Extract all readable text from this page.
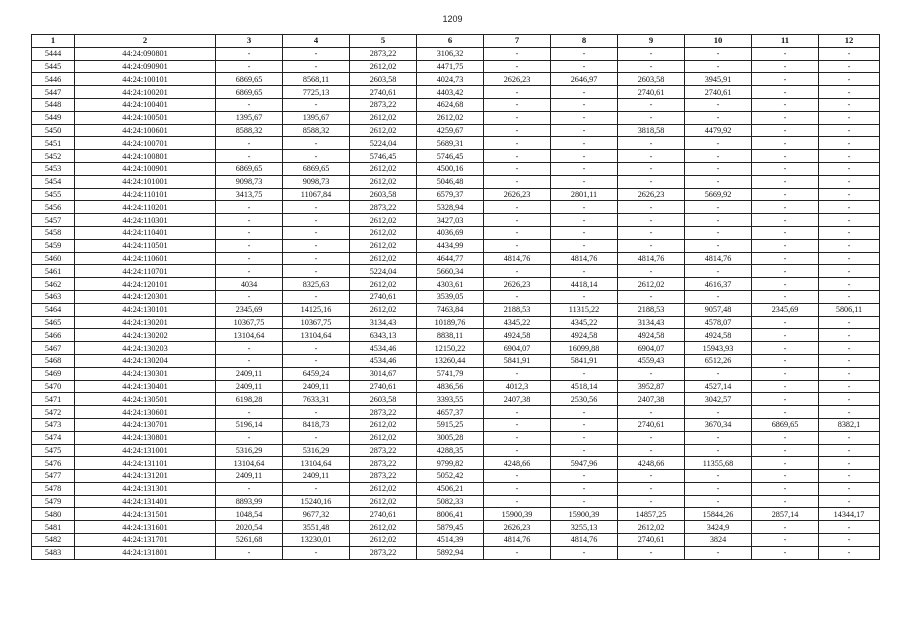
1209
1	2	3	4	5	6	7	8	9	10	11	12
5444	44:24:090801	-	-	2873,22	3106,32	-	-	-	-	-	-
5445	44:24:090901	-	-	2612,02	4471,75	-	-	-	-	-	-
5446	44:24:100101	6869,65	8568,11	2603,58	4024,73	2626,23	2646,97	2603,58	3945,91	-	-
5447	44:24:100201	6869,65	7725,13	2740,61	4403,42	-	-	2740,61	2740,61	-	-
5448	44:24:100401	-	-	2873,22	4624,68	-	-	-	-	-	-
5449	44:24:100501	1395,67	1395,67	2612,02	2612,02	-	-	-	-	-	-
5450	44:24:100601	8588,32	8588,32	2612,02	4259,67	-	-	3818,58	4479,92	-	-
5451	44:24:100701	-	-	5224,04	5689,31	-	-	-	-	-	-
5452	44:24:100801	-	-	5746,45	5746,45	-	-	-	-	-	-
5453	44:24:100901	6869,65	6869,65	2612,02	4500,16	-	-	-	-	-	-
5454	44:24:101001	9098,73	9098,73	2612,02	5046,48	-	-	-	-	-	-
5455	44:24:110101	3413,75	11067,84	2603,58	6579,37	2626,23	2801,11	2626,23	5669,92	-	-
5456	44:24:110201	-	-	2873,22	5328,94	-	-	-	-	-	-
5457	44:24:110301	-	-	2612,02	3427,03	-	-	-	-	-	-
5458	44:24:110401	-	-	2612,02	4036,69	-	-	-	-	-	-
5459	44:24:110501	-	-	2612,02	4434,99	-	-	-	-	-	-
5460	44:24:110601	-	-	2612,02	4644,77	4814,76	4814,76	4814,76	4814,76	-	-
5461	44:24:110701	-	-	5224,04	5660,34	-	-	-	-	-	-
5462	44:24:120101	4034	8325,63	2612,02	4303,61	2626,23	4418,14	2612,02	4616,37	-	-
5463	44:24:120301	-	-	2740,61	3539,05	-	-	-	-	-	-
5464	44:24:130101	2345,69	14125,16	2612,02	7463,84	2188,53	11315,22	2188,53	9057,48	2345,69	5806,11
5465	44:24:130201	10367,75	10367,75	3134,43	10189,76	4345,22	4345,22	3134,43	4578,07	-	-
5466	44:24:130202	13104,64	13104,64	6343,13	8838,11	4924,58	4924,58	4924,58	4924,58	-	-
5467	44:24:130203	-	-	4534,46	12150,22	6904,07	16099,88	6904,07	15943,93	-	-
5468	44:24:130204	-	-	4534,46	13260,44	5841,91	5841,91	4559,43	6512,26	-	-
5469	44:24:130301	2409,11	6459,24	3014,67	5741,79	-	-	-	-	-	-
5470	44:24:130401	2409,11	2409,11	2740,61	4836,56	4012,3	4518,14	3952,87	4527,14	-	-
5471	44:24:130501	6198,28	7633,31	2603,58	3393,55	2407,38	2530,56	2407,38	3042,57	-	-
5472	44:24:130601	-	-	2873,22	4657,37	-	-	-	-	-	-
5473	44:24:130701	5196,14	8418,73	2612,02	5915,25	-	-	2740,61	3670,34	6869,65	8382,1
5474	44:24:130801	-	-	2612,02	3005,28	-	-	-	-	-	-
5475	44:24:131001	5316,29	5316,29	2873,22	4288,35	-	-	-	-	-	-
5476	44:24:131101	13104,64	13104,64	2873,22	9799,82	4248,66	5947,96	4248,66	11355,68	-	-
5477	44:24:131201	2409,11	2409,11	2873,22	5052,42	-	-	-	-	-	-
5478	44:24:131301	-	-	2612,02	4506,21	-	-	-	-	-	-
5479	44:24:131401	8893,99	15240,16	2612,02	5082,33	-	-	-	-	-	-
5480	44:24:131501	1048,54	9677,32	2740,61	8006,41	15900,39	15900,39	14857,25	15844,26	2857,14	14344,17
5481	44:24:131601	2020,54	3551,48	2612,02	5879,45	2626,23	3255,13	2612,02	3424,9	-	-
5482	44:24:131701	5261,68	13230,01	2612,02	4514,39	4814,76	4814,76	2740,61	3824	-	-
5483	44:24:131801	-	-	2873,22	5892,94	-	-	-	-	-	-
